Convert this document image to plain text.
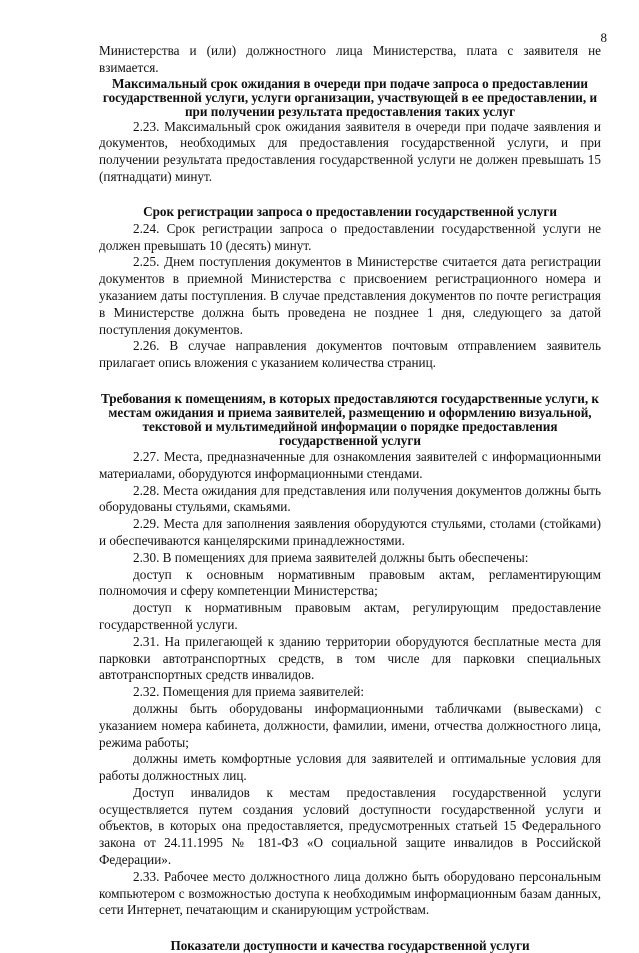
8

Министерства и (или) должностного лица Министерства, плата с заявителя не взимается.

Максимальный срок ожидания в очереди при подаче запроса о предоставлении государственной услуги, услуги организации, участвующей в ее предоставлении, и при получении результата предоставления таких услуг

2.23. Максимальный срок ожидания заявителя в очереди при подаче заявления и документов, необходимых для предоставления государственной услуги, и при получении результата предоставления государственной услуги не должен превышать 15 (пятнадцати) минут.

Срок регистрации запроса о предоставлении государственной услуги

2.24. Срок регистрации запроса о предоставлении государственной услуги не должен превышать 10 (десять) минут.

2.25. Днем поступления документов в Министерстве считается дата регистрации документов в приемной Министерства с присвоением регистрационного номера и указанием даты поступления. В случае представления документов по почте регистрация в Министерстве должна быть проведена не позднее 1 дня, следующего за датой поступления документов.

2.26. В случае направления документов почтовым отправлением заявитель прилагает опись вложения с указанием количества страниц.

Требования к помещениям, в которых предоставляются государственные услуги, к местам ожидания и приема заявителей, размещению и оформлению визуальной, текстовой и мультимедийной информации о порядке предоставления государственной услуги

2.27. Места, предназначенные для ознакомления заявителей с информационными материалами, оборудуются информационными стендами.

2.28. Места ожидания для представления или получения документов должны быть оборудованы стульями, скамьями.

2.29. Места для заполнения заявления оборудуются стульями, столами (стойками) и обеспечиваются канцелярскими принадлежностями.

2.30. В помещениях для приема заявителей должны быть обеспечены:

доступ к основным нормативным правовым актам, регламентирующим полномочия и сферу компетенции Министерства;

доступ к нормативным правовым актам, регулирующим предоставление государственной услуги.

2.31. На прилегающей к зданию территории оборудуются бесплатные места для парковки автотранспортных средств, в том числе для парковки специальных автотранспортных средств инвалидов.

2.32. Помещения для приема заявителей:

должны быть оборудованы информационными табличками (вывесками) с указанием номера кабинета, должности, фамилии, имени, отчества должностного лица, режима работы;

должны иметь комфортные условия для заявителей и оптимальные условия для работы должностных лиц.

Доступ инвалидов к местам предоставления государственной услуги осуществляется путем создания условий доступности государственной услуги и объектов, в которых она предоставляется, предусмотренных статьей 15 Федерального закона от 24.11.1995 № 181-ФЗ «О социальной защите инвалидов в Российской Федерации».

2.33. Рабочее место должностного лица должно быть оборудовано персональным компьютером с возможностью доступа к необходимым информационным базам данных, сети Интернет, печатающим и сканирующим устройствам.

Показатели доступности и качества государственной услуги
